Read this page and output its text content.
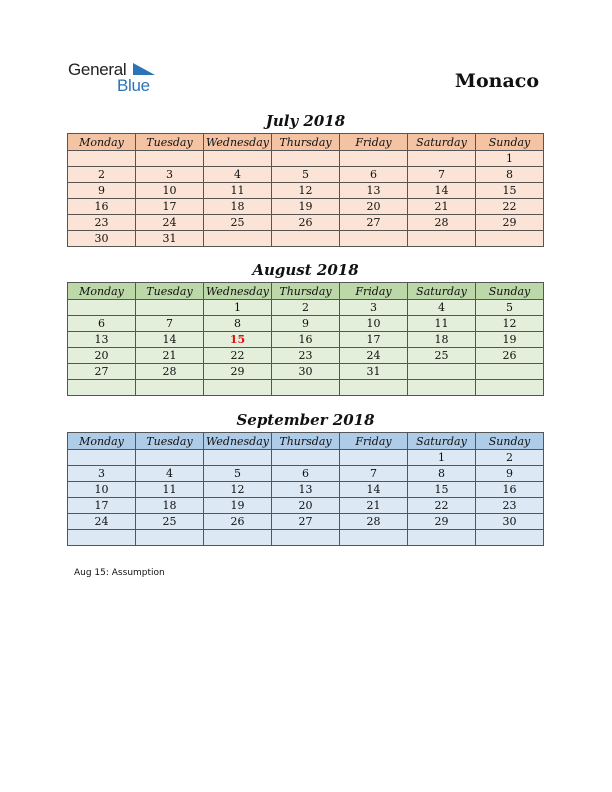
General
Blue	Monaco
July 2018
Monday	Tuesday	Wednesday	Thursday	Friday	Saturday	Sunday
						1
2	3	4	5	6	7	8
9	10	11	12	13	14	15
16	17	18	19	20	21	22
23	24	25	26	27	28	29
30	31					
August 2018
Monday	Tuesday	Wednesday	Thursday	Friday	Saturday	Sunday
		1	2	3	4	5
6	7	8	9	10	11	12
13	14	15	16	17	18	19
20	21	22	23	24	25	26
27	28	29	30	31		

September 2018
Monday	Tuesday	Wednesday	Thursday	Friday	Saturday	Sunday
					1	2
3	4	5	6	7	8	9
10	11	12	13	14	15	16
17	18	19	20	21	22	23
24	25	26	27	28	29	30

Aug 15: Assumption
